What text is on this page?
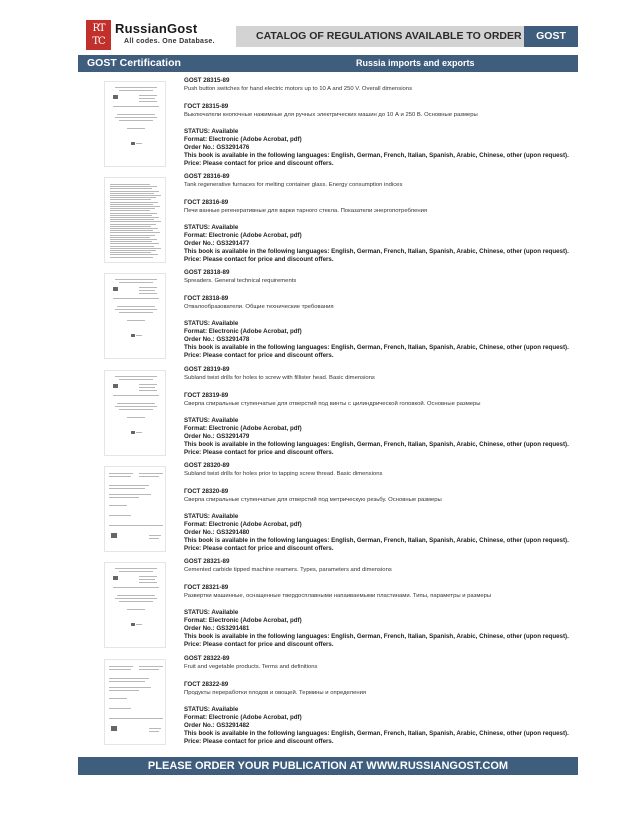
RT
TC
RussianGost
All codes. One Database.	CATALOG OF REGULATIONS AVAILABLE TO ORDER	GOST
GOST Certification	Russia imports and exports
GOST 28315-89
Push button switches for hand electric motors up to 10 A and 250 V. Overall dimensions
ГОСТ 28315-89
Выключатели кнопочные нажимные для ручных электрических машин до 10 А и 250 В. Основные размеры
STATUS: Available
Format: Electronic (Adobe Acrobat, pdf)
Order No.: GS3291476
This book is available in the following languages: English, German, French, Italian, Spanish, Arabic, Chinese, other (upon request).
Price: Please contact for price and discount offers.
GOST 28316-89
Tank regenerative furnaces for melting container glass. Energy consumption indices
ГОСТ 28316-89
Печи ванные регенеративные для варки тарного стекла. Показатели энергопотребления
STATUS: Available
Format: Electronic (Adobe Acrobat, pdf)
Order No.: GS3291477
This book is available in the following languages: English, German, French, Italian, Spanish, Arabic, Chinese, other (upon request).
Price: Please contact for price and discount offers.
GOST 28318-89
Spreaders. General technical requirements
ГОСТ 28318-89
Отвалообразователи. Общие технические требования
STATUS: Available
Format: Electronic (Adobe Acrobat, pdf)
Order No.: GS3291478
This book is available in the following languages: English, German, French, Italian, Spanish, Arabic, Chinese, other (upon request).
Price: Please contact for price and discount offers.
GOST 28319-89
Subland twist drills for holes to screw with fillister head. Basic dimensions
ГОСТ 28319-89
Сверла спиральные ступенчатые для отверстий под винты с цилиндрической головкой. Основные размеры
STATUS: Available
Format: Electronic (Adobe Acrobat, pdf)
Order No.: GS3291479
This book is available in the following languages: English, German, French, Italian, Spanish, Arabic, Chinese, other (upon request).
Price: Please contact for price and discount offers.
GOST 28320-89
Subland twist drills for holes prior to tapping screw thread. Basic dimensions
ГОСТ 28320-89
Сверла спиральные ступенчатые для отверстий под метрическую резьбу. Основные размеры
STATUS: Available
Format: Electronic (Adobe Acrobat, pdf)
Order No.: GS3291480
This book is available in the following languages: English, German, French, Italian, Spanish, Arabic, Chinese, other (upon request).
Price: Please contact for price and discount offers.
GOST 28321-89
Cemented carbide tipped machine reamers. Types, parameters and dimensions
ГОСТ 28321-89
Развертки машинные, оснащенные твердосплавными напаиваемыми пластинами. Типы, параметры и размеры
STATUS: Available
Format: Electronic (Adobe Acrobat, pdf)
Order No.: GS3291481
This book is available in the following languages: English, German, French, Italian, Spanish, Arabic, Chinese, other (upon request).
Price: Please contact for price and discount offers.
GOST 28322-89
Fruit and vegetable products. Terms and definitions
ГОСТ 28322-89
Продукты переработки плодов и овощей. Термины и определения
STATUS: Available
Format: Electronic (Adobe Acrobat, pdf)
Order No.: GS3291482
This book is available in the following languages: English, German, French, Italian, Spanish, Arabic, Chinese, other (upon request).
Price: Please contact for price and discount offers.
PLEASE ORDER YOUR PUBLICATION AT WWW.RUSSIANGOST.COM
